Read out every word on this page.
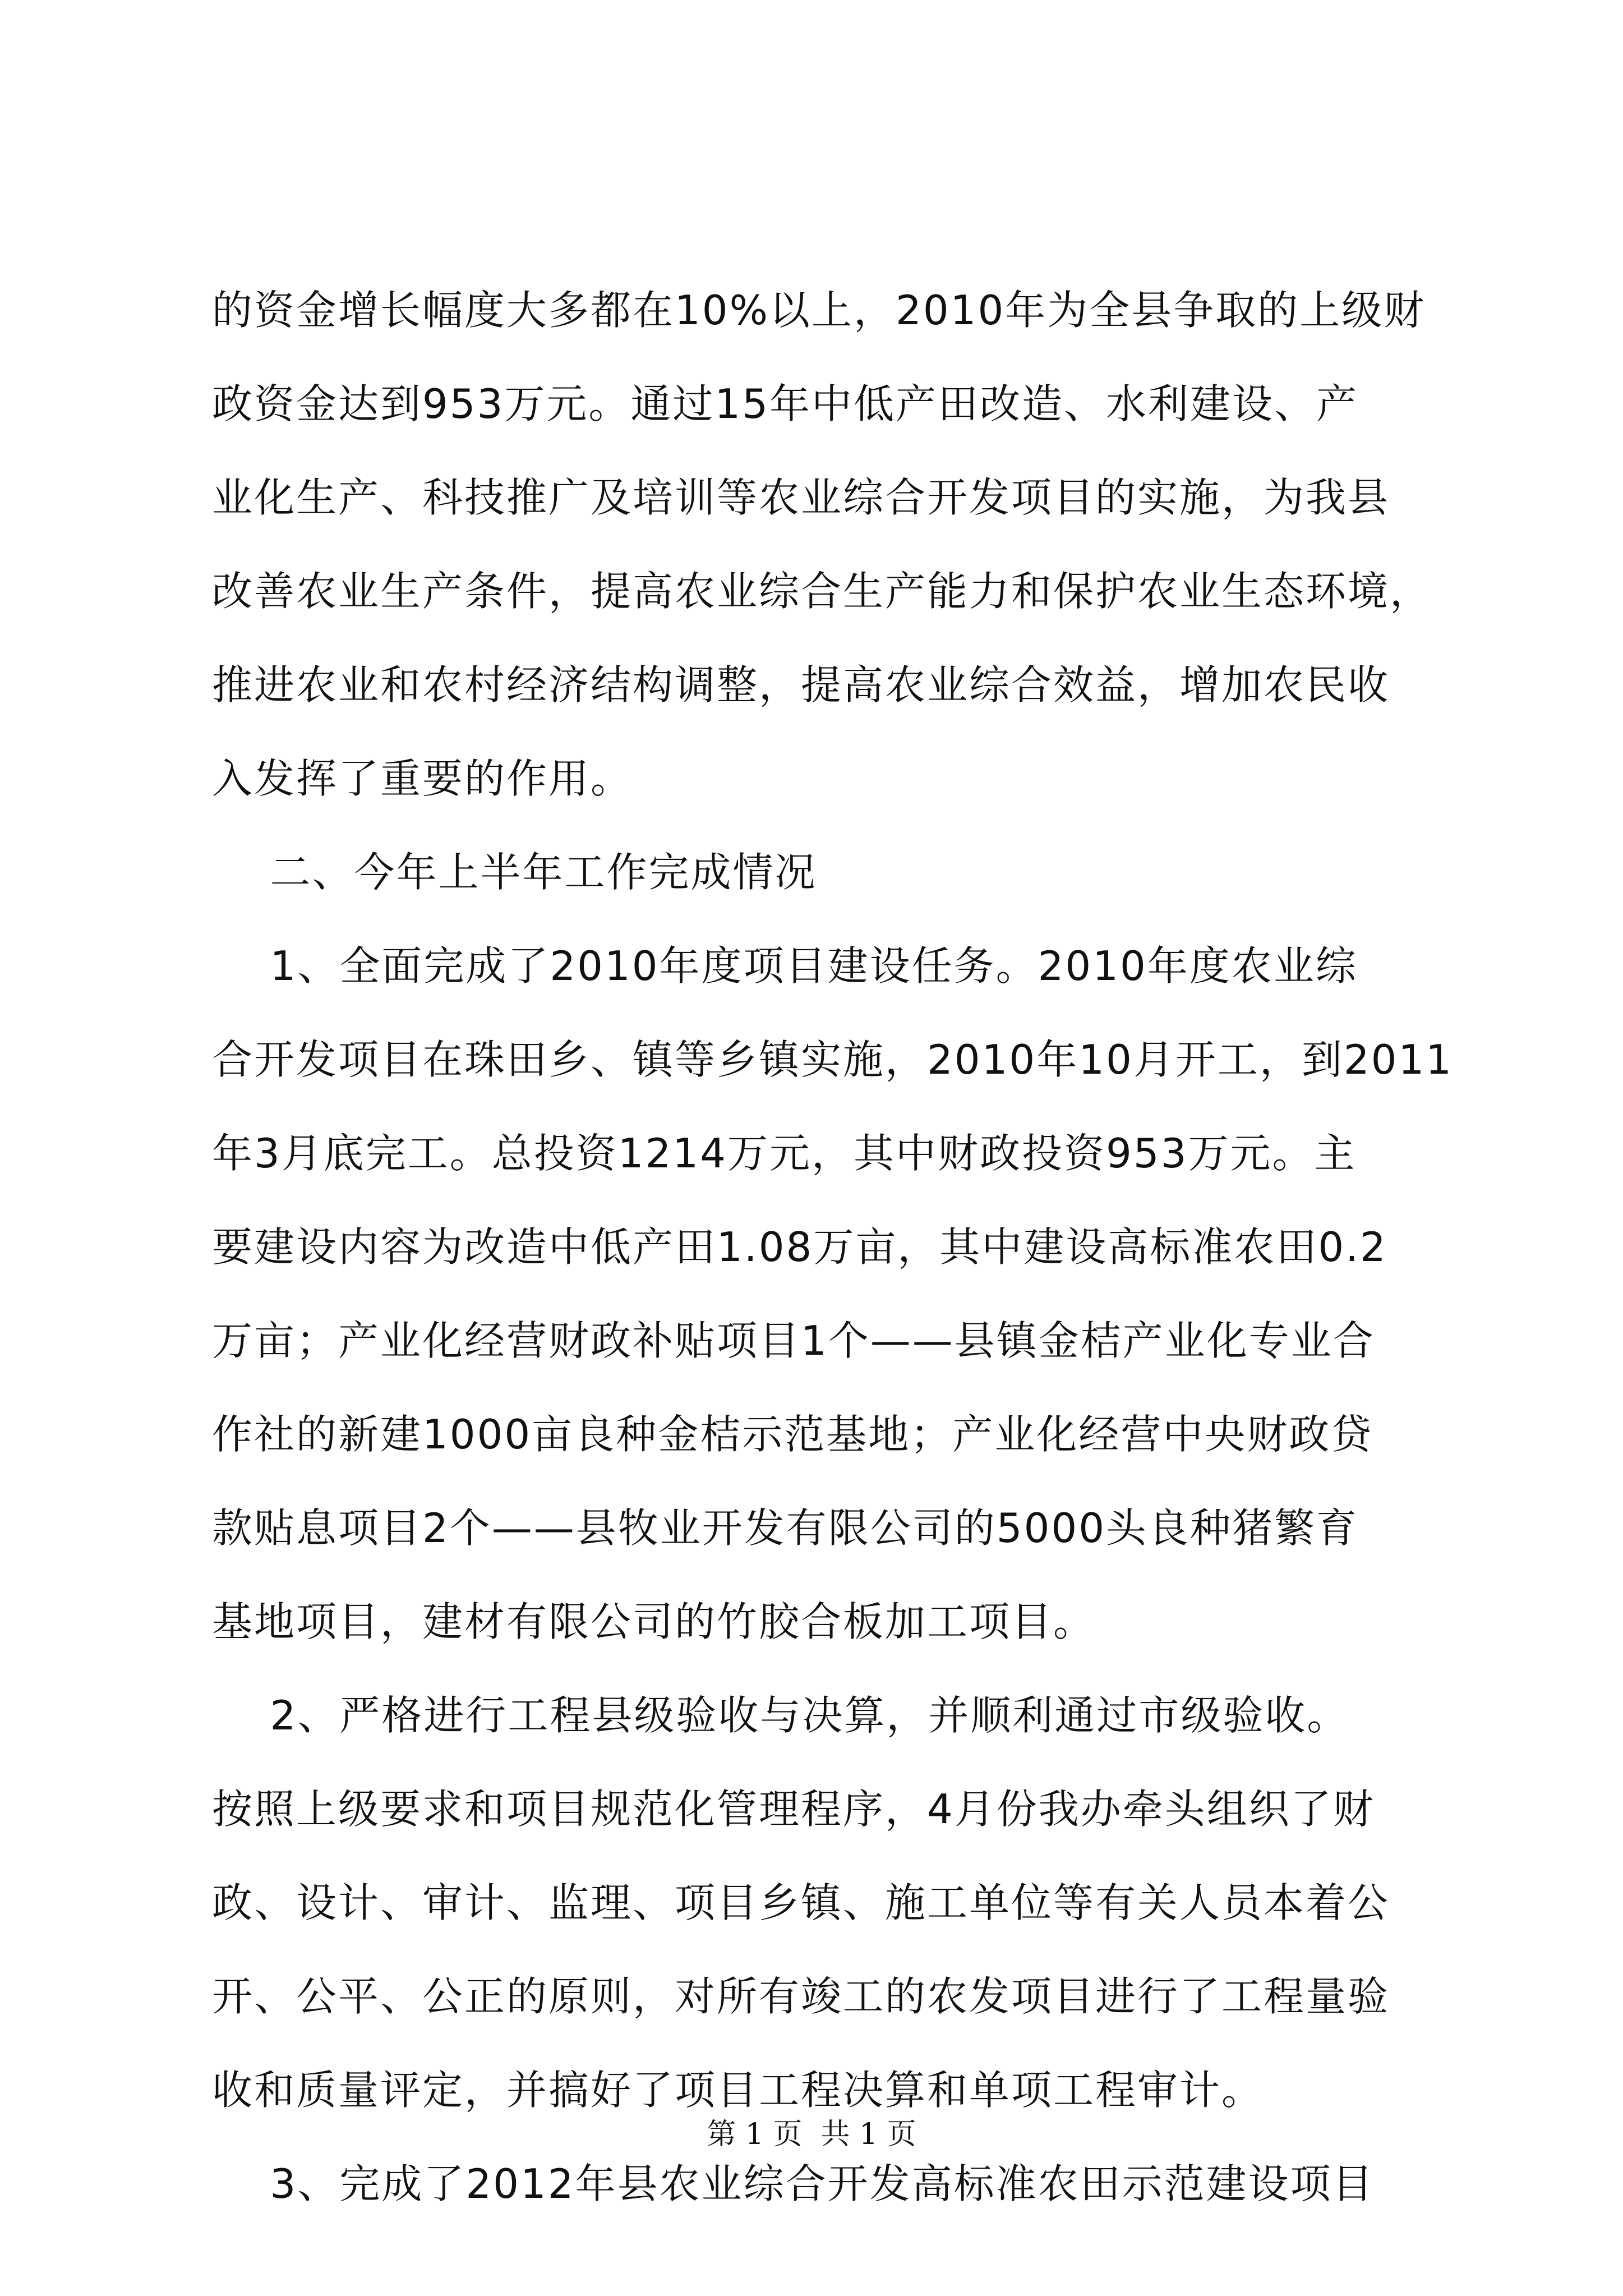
的资金增长幅度大多都在10%以上，2010年为全县争取的上级财
政资金达到953万元。通过15年中低产田改造、水利建设、产
业化生产、科技推广及培训等农业综合开发项目的实施，为我县
改善农业生产条件，提高农业综合生产能力和保护农业生态环境，
推进农业和农村经济结构调整，提高农业综合效益，增加农民收
入发挥了重要的作用。
二、今年上半年工作完成情况
1、全面完成了2010年度项目建设任务。2010年度农业综
合开发项目在珠田乡、镇等乡镇实施，2010年10月开工，到2011
年3月底完工。总投资1214万元，其中财政投资953万元。主
要建设内容为改造中低产田1.08万亩，其中建设高标准农田0.2
万亩；产业化经营财政补贴项目1个——县镇金桔产业化专业合
作社的新建1000亩良种金桔示范基地；产业化经营中央财政贷
款贴息项目2个——县牧业开发有限公司的5000头良种猪繁育
基地项目，建材有限公司的竹胶合板加工项目。
2、严格进行工程县级验收与决算，并顺利通过市级验收。
按照上级要求和项目规范化管理程序，4月份我办牵头组织了财
政、设计、审计、监理、项目乡镇、施工单位等有关人员本着公
开、公平、公正的原则，对所有竣工的农发项目进行了工程量验
收和质量评定，并搞好了项目工程决算和单项工程审计。
3、完成了2012年县农业综合开发高标准农田示范建设项目
第 1 页  共 1 页
